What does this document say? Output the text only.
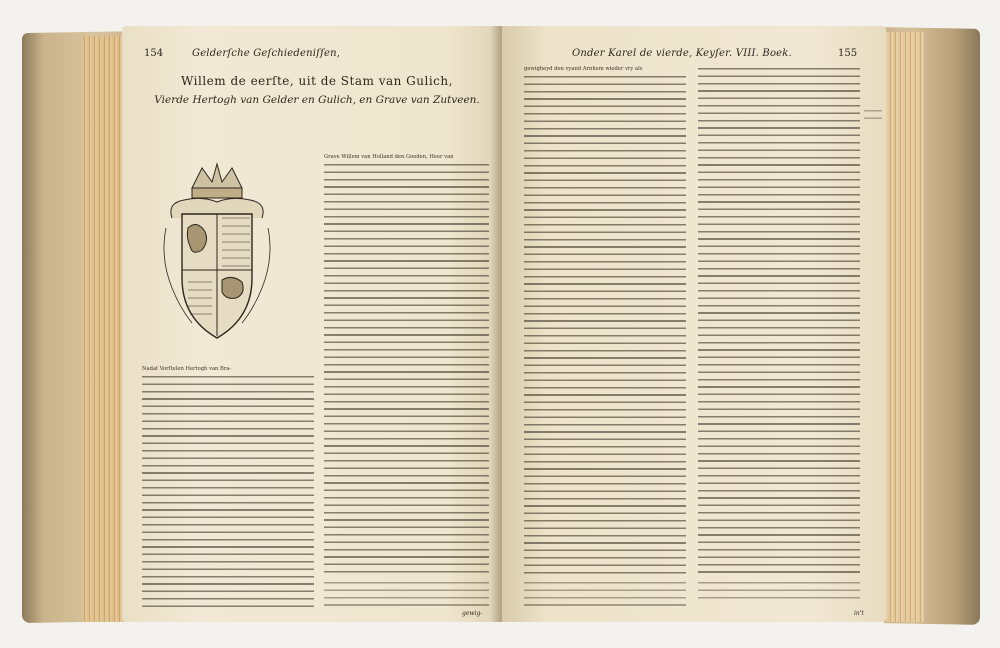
154	Gelderſche Geſchiedeniſſen,
Willem de eerſte, uit de Stam van Gulich,
Vierde Hertogh van Gelder en Gulich, en Grave van Zutveen.
Nadat Vorſtelen Hertogh van Bra-
Grave Willem van Holland den Goeden, Heer van
gewig-
Onder Karel de vierde, Keyſer. VIII. Boek.	155
gewigheyd den vyand Arnhem wieder vry als
in't
